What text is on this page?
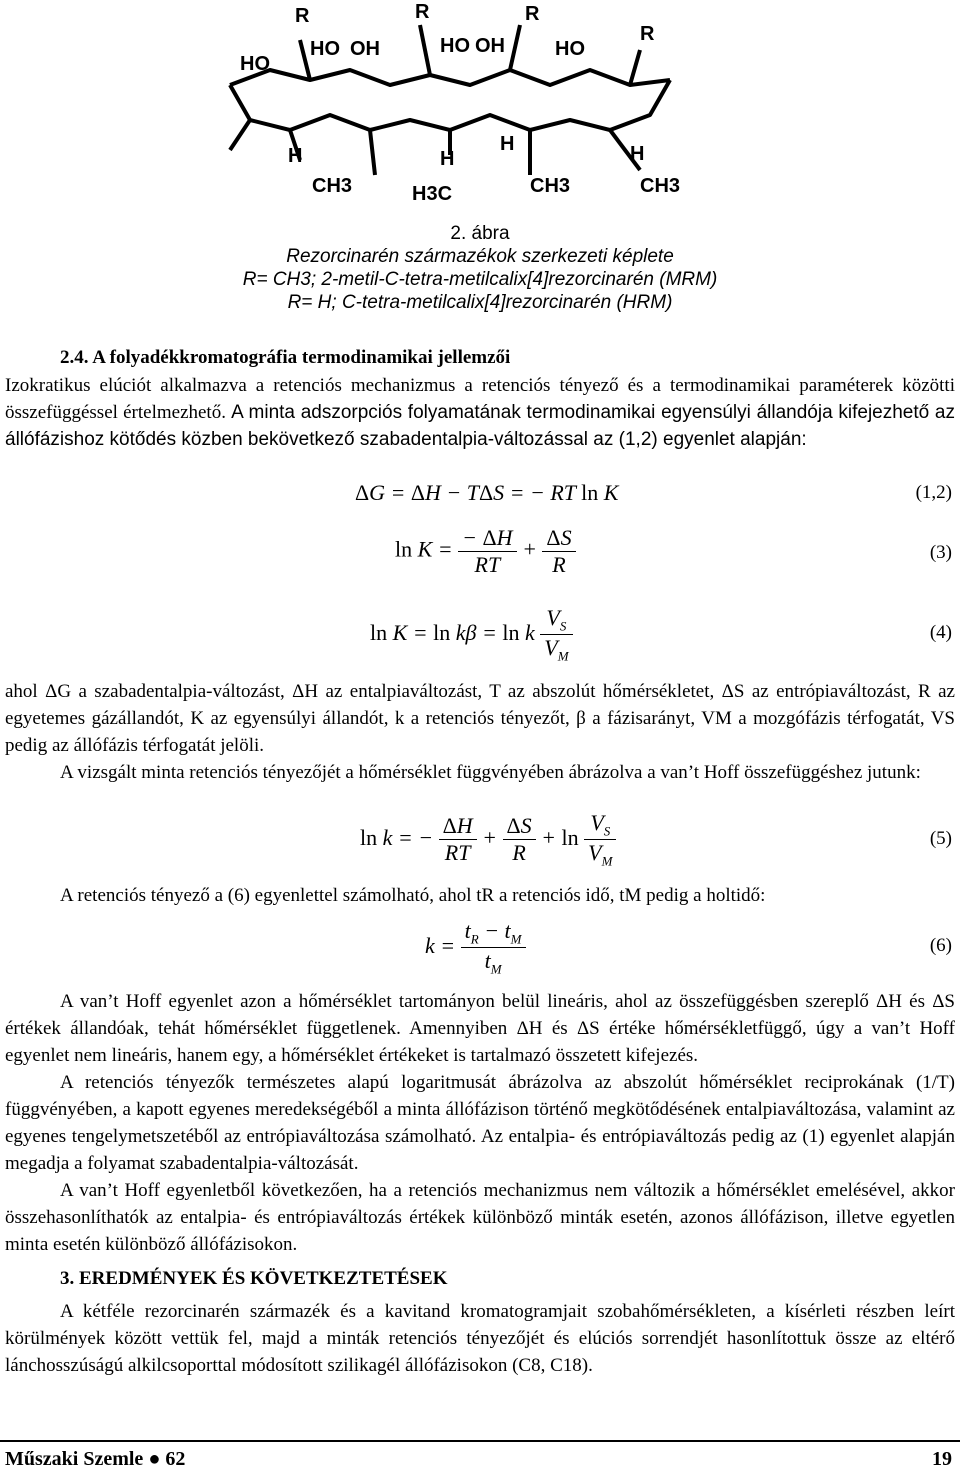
HO
R
HO OH
R
HO OH
R
HO
R
H	H
H	H
CH3	H3C	CH3	CH3
2. ábra
Rezorcinarén származékok szerkezeti képlete
R= CH3; 2-metil-C-tetra-metilcalix[4]rezorcinarén (MRM)
R= H; C-tetra-metilcalix[4]rezorcinarén (HRM)
2.4. A folyadékkromatográfia termodinamikai jellemzői

Izokratikus elúciót alkalmazva a retenciós mechanizmus a retenciós tényező és a termodinamikai paraméterek közötti összefüggéssel értelmezhető. A minta adszorpciós folyamatának termodinamikai egyensúlyi állandója kifejezhető az állófázishoz kötődés közben bekövetkező szabadentalpia-változással az (1,2) egyenlet alapján:

ΔG = ΔH − TΔS = − RT ln K	(1,2)
$\ln K = \frac{- \Delta H}{RT} + \frac{\Delta S}{R}$	(3)
ln K = ln kβ = ln k $\frac{V_S}{V_M}$	(4)

ahol ΔG a szabadentalpia-változást, ΔH az entalpiaváltozást, T az abszolút hőmérsékletet, ΔS az entrópiaváltozást, R az egyetemes gázállandót, K az egyensúlyi állandót, k a retenciós tényezőt, β a fázisarányt, VM a mozgófázis térfogatát, VS pedig az állófázis térfogatát jelöli.

A vizsgált minta retenciós tényezőjét a hőmérséklet függvényében ábrázolva a van’t Hoff összefüggéshez jutunk:

ln k = − $\frac{\Delta H}{RT} + \frac{\Delta S}{R} + \ln \frac{V_S}{V_M}$	(5)

A retenciós tényező a (6) egyenlettel számolható, ahol tR a retenciós idő, tM pedig a holtidő:

$k = \frac{t_R - t_M}{t_M}$	(6)

A van’t Hoff egyenlet azon a hőmérséklet tartományon belül lineáris, ahol az összefüggésben szereplő ΔH és ΔS értékek állandóak, tehát hőmérséklet függetlenek. Amennyiben ΔH és ΔS értéke hőmérsékletfüggő, úgy a van’t Hoff egyenlet nem lineáris, hanem egy, a hőmérséklet értékeket is tartalmazó összetett kifejezés.

A retenciós tényezők természetes alapú logaritmusát ábrázolva az abszolút hőmérséklet reciprokának (1/T) függvényében, a kapott egyenes meredekségéből a minta állófázison történő megkötődésének entalpiaváltozása, valamint az egyenes tengelymetszetéből az entrópiaváltozása számolható. Az entalpia- és entrópiaváltozás pedig az (1) egyenlet alapján megadja a folyamat szabadentalpia-változását.

A van’t Hoff egyenletből következően, ha a retenciós mechanizmus nem változik a hőmérséklet emelésével, akkor összehasonlíthatók az entalpia- és entrópiaváltozás értékek különböző minták esetén, azonos állófázison, illetve egyetlen minta esetén különböző állófázisokon.

3. EREDMÉNYEK ÉS KÖVETKEZTETÉSEK

A kétféle rezorcinarén származék és a kavitand kromatogramjait szobahőmérsékleten, a kísérleti részben leírt körülmények között vettük fel, majd a minták retenciós tényezőjét és elúciós sorrendjét hasonlítottuk össze az eltérő lánchosszúságú alkilcsoporttal módosított szilikagél állófázisokon (C8, C18).

Műszaki Szemle ● 62	19
